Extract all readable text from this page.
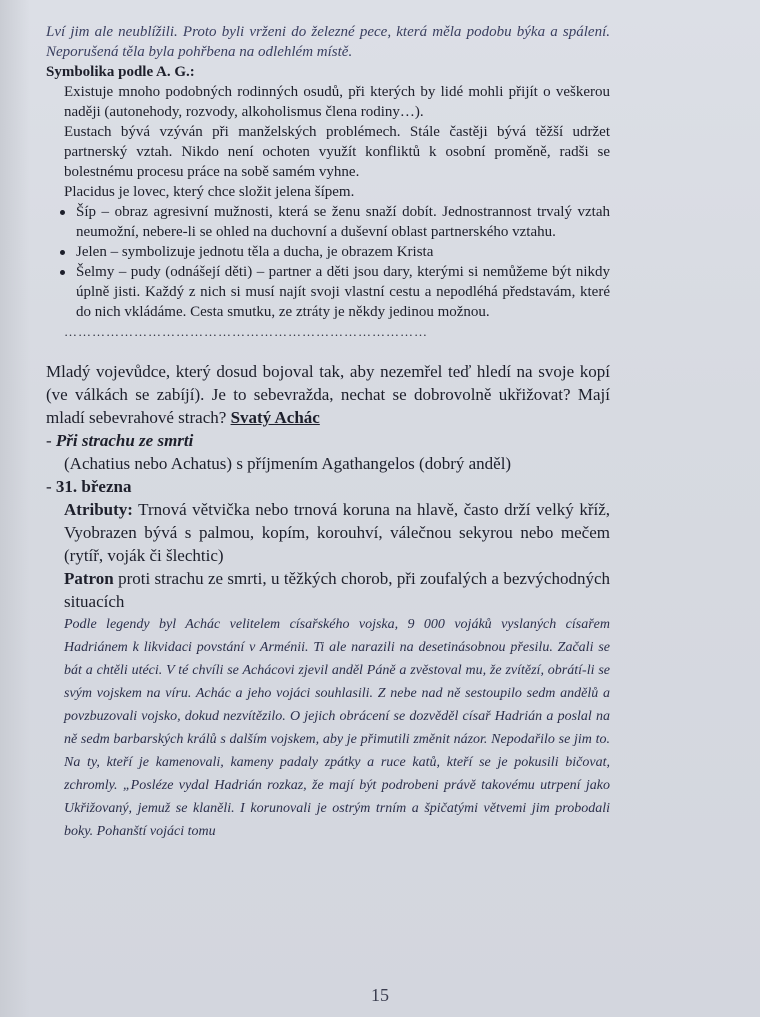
Lví jim ale neublížili. Proto byli vrženi do železné pece, která měla podobu býka a spálení. Neporušená těla byla pohřbena na odlehlém místě.

Symbolika podle A. G.:

Existuje mnoho podobných rodinných osudů, při kterých by lidé mohli přijít o veškerou naději (autonehody, rozvody, alkoholismus člena rodiny…).

Eustach bývá vzýván při manželských problémech. Stále častěji bývá těžší udržet partnerský vztah. Nikdo není ochoten využít konfliktů k osobní proměně, radši se bolestnému procesu práce na sobě samém vyhne.

Placidus je lovec, který chce složit jelena šípem.

Šíp – obraz agresivní mužnosti, která se ženu snaží dobít. Jednostrannost trvalý vztah neumožní, nebere-li se ohled na duchovní a duševní oblast partnerského vztahu.
Jelen – symbolizuje jednotu těla a ducha, je obrazem Krista
Šelmy – pudy (odnášejí děti) – partner a děti jsou dary, kterými si nemůžeme být nikdy úplně jisti. Každý z nich si musí najít svoji vlastní cestu a nepodléhá představám, které do nich vkládáme. Cesta smutku, ze ztráty je někdy jedinou možnou.

……………………………………………………………………

Mladý vojevůdce, který dosud bojoval tak, aby nezemřel teď hledí na svoje kopí (ve válkách se zabíjí). Je to sebevražda, nechat se dobrovolně ukřižovat? Mají mladí sebevrahové strach? Svatý Achác
- Při strachu ze smrti

(Achatius nebo Achatus) s příjmením Agathangelos (dobrý anděl)

- 31. března

Atributy: Trnová větvička nebo trnová koruna na hlavě, často drží velký kříž, Vyobrazen bývá s palmou, kopím, korouhví, válečnou sekyrou nebo mečem (rytíř, voják či šlechtic)

Patron proti strachu ze smrti, u těžkých chorob, při zoufalých a bezvýchodných situacích

Podle legendy byl Achác velitelem císařského vojska, 9 000 vojáků vyslaných císařem Hadriánem k likvidaci povstání v Arménii. Ti ale narazili na desetinásobnou přesilu. Začali se bát a chtěli utéci. V té chvíli se Achácovi zjevil anděl Páně a zvěstoval mu, že zvítězí, obrátí-li se svým vojskem na víru. Achác a jeho vojáci souhlasili. Z nebe nad ně sestoupilo sedm andělů a povzbuzovali vojsko, dokud nezvítězilo. O jejich obrácení se dozvěděl císař Hadrián a poslal na ně sedm barbarských králů s dalším vojskem, aby je přimutili změnit názor. Nepodařilo se jim to. Na ty, kteří je kamenovali, kameny padaly zpátky a ruce katů, kteří se je pokusili bičovat, zchromly. „Posléze vydal Hadrián rozkaz, že mají být podrobeni právě takovému utrpení jako Ukřižovaný, jemuž se klaněli. I korunovali je ostrým trním a špičatými větvemi jim probodali boky. Pohanští vojáci tomu

15
